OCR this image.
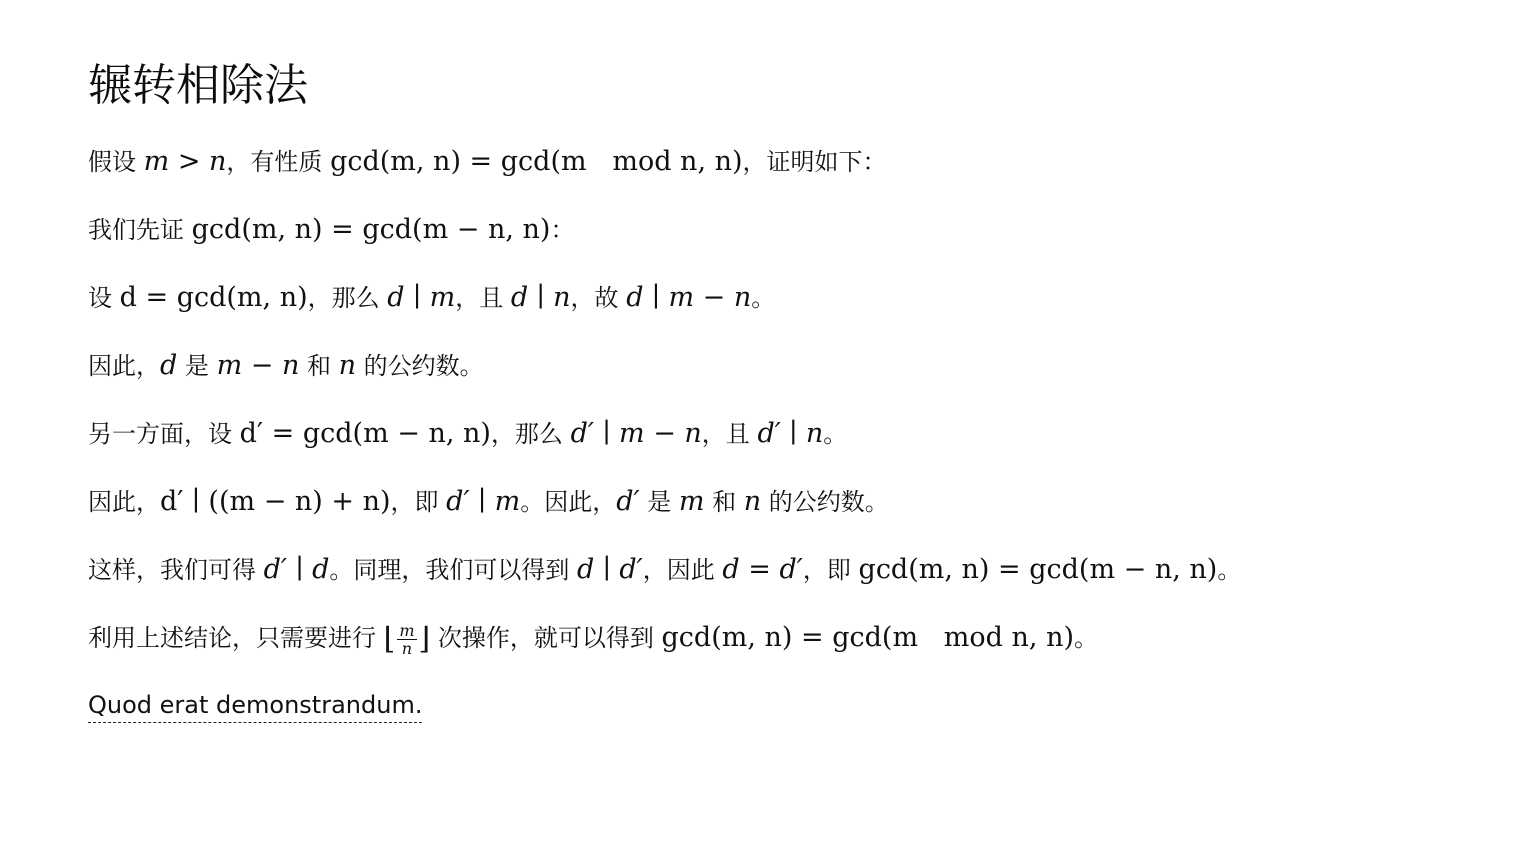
辗转相除法

假设 m > n，有性质 gcd(m, n) = gcd(m   mod n, n)，证明如下：

我们先证 gcd(m, n) = gcd(m − n, n)：

设 d = gcd(m, n)，那么 d ∣ m，且 d ∣ n，故 d ∣ m − n。

因此，d 是 m − n 和 n 的公约数。

另一方面，设 d′ = gcd(m − n, n)，那么 d′ ∣ m − n，且 d′ ∣ n。

因此，d′ ∣ ((m − n) + n)，即 d′ ∣ m。因此，d′ 是 m 和 n 的公约数。

这样，我们可得 d′ ∣ d。同理，我们可以得到 d ∣ d′，因此 d = d′，即 gcd(m, n) = gcd(m − n, n)。

利用上述结论，只需要进行 ⌊ $\frac{m}{n}$ ⌋ 次操作，就可以得到 gcd(m, n) = gcd(m   mod n, n)。

Quod erat demonstrandum.
